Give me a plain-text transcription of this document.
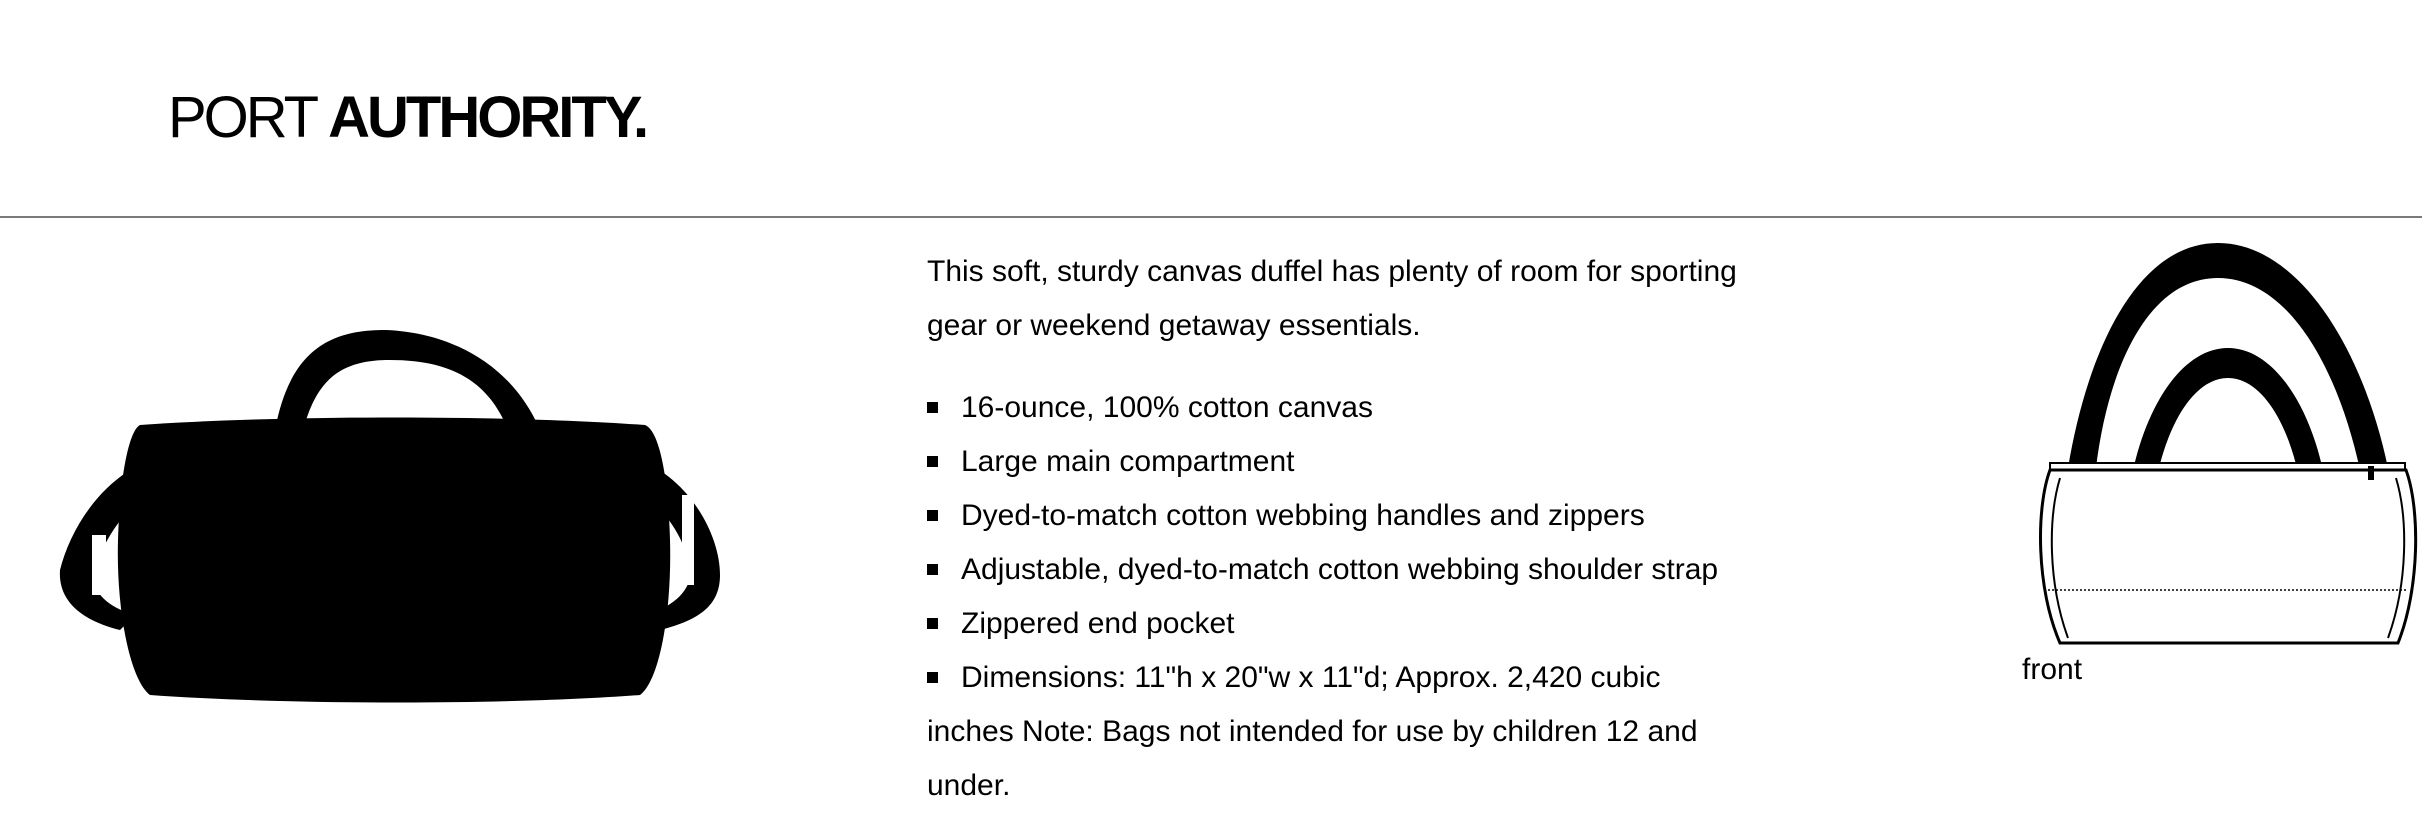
PORT AUTHORITY.

This soft, sturdy canvas duffel has plenty of room for sporting gear or weekend getaway essentials.

16-ounce, 100% cotton canvas
Large main compartment
Dyed-to-match cotton webbing handles and zippers
Adjustable, dyed-to-match cotton webbing shoulder strap
Zippered end pocket
Dimensions: 11"h x 20"w x 11"d; Approx. 2,420 cubic

inches Note: Bags not intended for use by children 12 and under.

front
